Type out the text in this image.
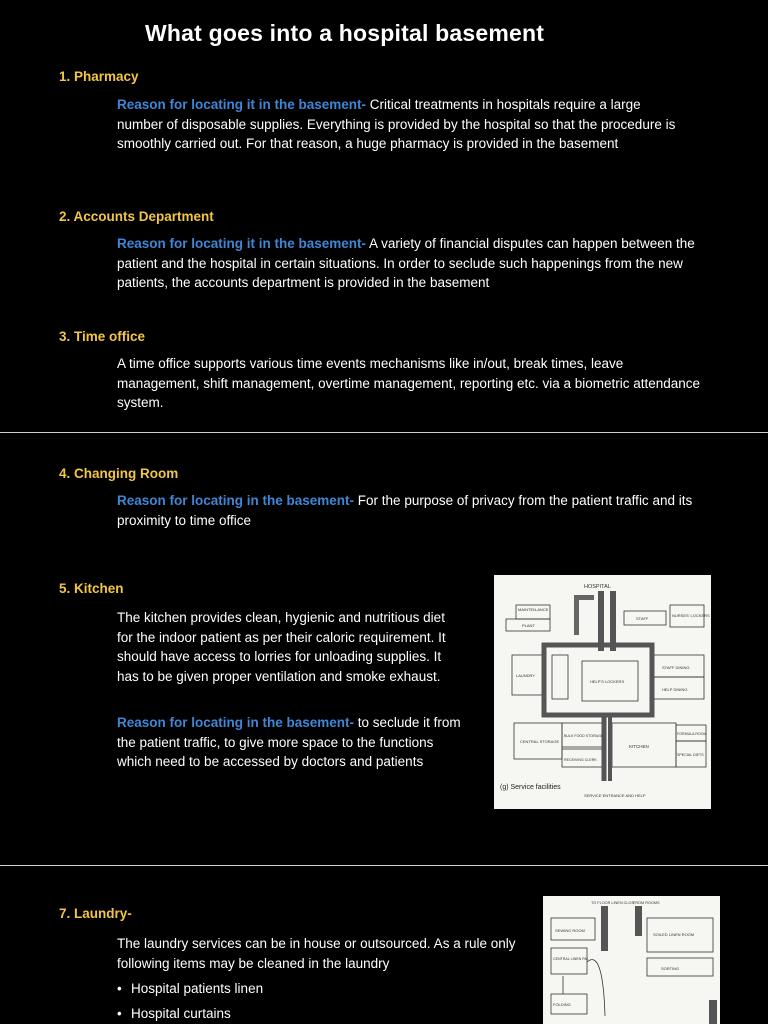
What goes into a hospital basement
1. Pharmacy
Reason for locating it in the basement- Critical treatments in hospitals require a large number of disposable supplies. Everything is provided by the hospital so that the procedure is smoothly carried out. For that reason, a huge pharmacy is provided in the basement
2. Accounts Department
Reason for locating it in the basement- A variety of financial disputes can happen between the patient and the hospital in certain situations. In order to seclude such happenings from the new patients, the accounts department is provided in the basement
3. Time office
A time office supports various time events mechanisms like in/out, break times, leave management, shift management, overtime management, reporting etc. via a biometric attendance system.
4. Changing Room
Reason for locating in the basement- For the purpose of privacy from the patient traffic and its proximity to time office
5. Kitchen
The kitchen provides clean, hygienic and nutritious diet for the indoor patient as per their caloric requirement. It should have access to lorries for unloading supplies. It has to be given proper ventilation and smoke exhaust.
Reason for locating in the basement- to seclude it from the patient traffic, to give more space to the functions which need to be accessed by doctors and patients
HOSPITAL
MAINTEN-ANCE
PLANT
STAFF
NURSES' LOCKERS
LAUNDRY
HELP'S LOCKERS
STAFF DINING
HELP DINING
FORMULA ROOM
CENTRAL STORAGE
BULK FOOD STORAGE
RECEIVING CLERK
KITCHEN
SPECIAL DIETS
(g) Service facilities
SERVICE ENTRANCE AND HELP
7. Laundry-
The laundry services can be in house or outsourced. As a rule only following items may be cleaned in the laundry
• Hospital patients linen
• Hospital curtains
TO FLOOR LINEN CLOS.
FROM ROOMS
SEWING ROOM
SOILED LINEN ROOM
CENTRAL LINEN RM.
SORTING
FOLDING
